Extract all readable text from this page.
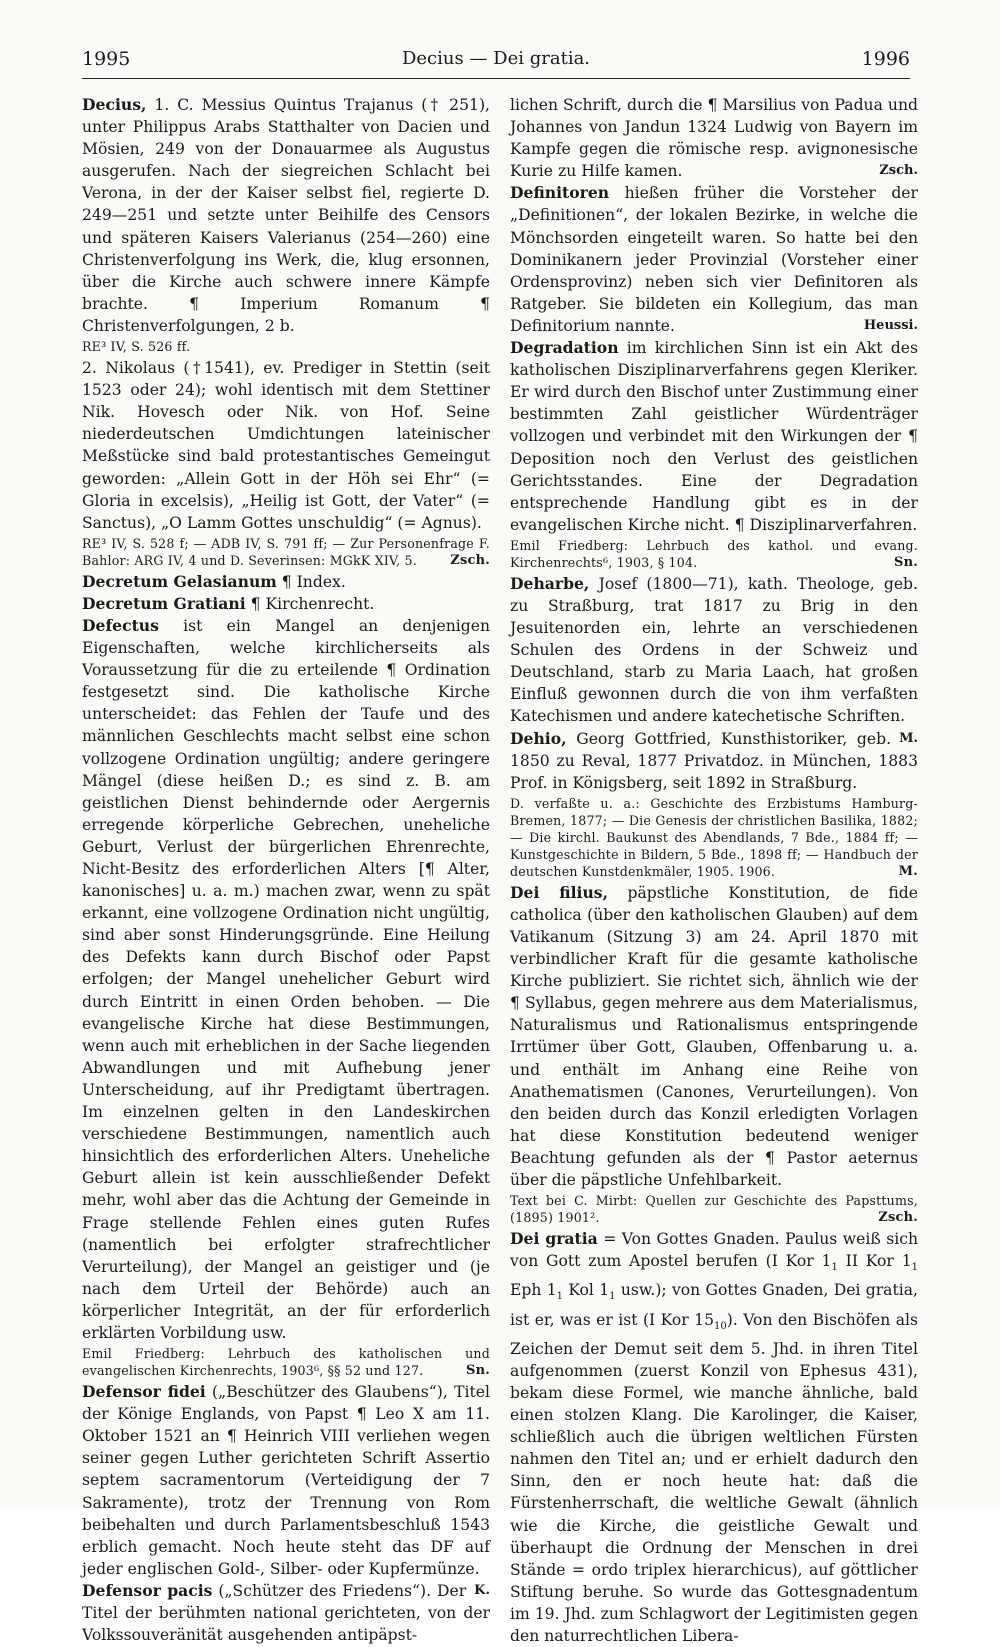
1995	Decius — Dei gratia.	1996

Decius, 1. C. Messius Quintus Trajanus († 251), unter Philippus Arabs Statthalter von Dacien und Mösien, 249 von der Donauarmee als Augustus ausgerufen. Nach der siegreichen Schlacht bei Verona, in der der Kaiser selbst fiel, regierte D. 249—251 und setzte unter Beihilfe des Censors und späteren Kaisers Valerianus (254—260) eine Christenverfolgung ins Werk, die, klug ersonnen, über die Kirche auch schwere innere Kämpfe brachte. ¶ Imperium Romanum ¶ Christenverfolgungen, 2 b.

RE³ IV, S. 526 ff.

2. Nikolaus (†1541), ev. Prediger in Stettin (seit 1523 oder 24); wohl identisch mit dem Stettiner Nik. Hovesch oder Nik. von Hof. Seine niederdeutschen Umdichtungen lateinischer Meßstücke sind bald protestantisches Gemeingut geworden: „Allein Gott in der Höh sei Ehr“ (= Gloria in excelsis), „Heilig ist Gott, der Vater“ (= Sanctus), „O Lamm Gottes unschuldig“ (= Agnus).

RE³ IV, S. 528 f; — ADB IV, S. 791 ff; — Zur Personenfrage F. Bahlor: ARG IV, 4 und D. Severinsen: MGkK XIV, 5.	Zsch.

Decretum Gelasianum ¶ Index.

Decretum Gratiani ¶ Kirchenrecht.

Defectus ist ein Mangel an denjenigen Eigenschaften, welche kirchlicherseits als Voraussetzung für die zu erteilende ¶ Ordination festgesetzt sind. Die katholische Kirche unterscheidet: das Fehlen der Taufe und des männlichen Geschlechts macht selbst eine schon vollzogene Ordination ungültig; andere geringere Mängel (diese heißen D.; es sind z. B. am geistlichen Dienst behindernde oder Aergernis erregende körperliche Gebrechen, uneheliche Geburt, Verlust der bürgerlichen Ehrenrechte, Nicht-Besitz des erforderlichen Alters [¶ Alter, kanonisches] u. a. m.) machen zwar, wenn zu spät erkannt, eine vollzogene Ordination nicht ungültig, sind aber sonst Hinderungsgründe. Eine Heilung des Defekts kann durch Bischof oder Papst erfolgen; der Mangel unehelicher Geburt wird durch Eintritt in einen Orden behoben. — Die evangelische Kirche hat diese Bestimmungen, wenn auch mit erheblichen in der Sache liegenden Abwandlungen und mit Aufhebung jener Unterscheidung, auf ihr Predigtamt übertragen. Im einzelnen gelten in den Landeskirchen verschiedene Bestimmungen, namentlich auch hinsichtlich des erforderlichen Alters. Uneheliche Geburt allein ist kein ausschließender Defekt mehr, wohl aber das die Achtung der Gemeinde in Frage stellende Fehlen eines guten Rufes (namentlich bei erfolgter strafrechtlicher Verurteilung), der Mangel an geistiger und (je nach dem Urteil der Behörde) auch an körperlicher Integrität, an der für erforderlich erklärten Vorbildung usw.

Emil Friedberg: Lehrbuch des katholischen und evangelischen Kirchenrechts, 1903⁶, §§ 52 und 127.	Sn.

Defensor fidei („Beschützer des Glaubens“), Titel der Könige Englands, von Papst ¶ Leo X am 11. Oktober 1521 an ¶ Heinrich VIII verliehen wegen seiner gegen Luther gerichteten Schrift Assertio septem sacramentorum (Verteidigung der 7 Sakramente), trotz der Trennung von Rom beibehalten und durch Parlamentsbeschluß 1543 erblich gemacht. Noch heute steht das DF auf jeder englischen Gold-, Silber- oder Kupfermünze.
K.

Defensor pacis („Schützer des Friedens“). Der Titel der berühmten national gerichteten, von der Volkssouveränität ausgehenden antipäpst-

lichen Schrift, durch die ¶ Marsilius von Padua und Johannes von Jandun 1324 Ludwig von Bayern im Kampfe gegen die römische resp. avignonesische Kurie zu Hilfe kamen.	Zsch.

Definitoren hießen früher die Vorsteher der „Definitionen“, der lokalen Bezirke, in welche die Mönchsorden eingeteilt waren. So hatte bei den Dominikanern jeder Provinzial (Vorsteher einer Ordensprovinz) neben sich vier Definitoren als Ratgeber. Sie bildeten ein Kollegium, das man Definitorium nannte.	Heussi.

Degradation im kirchlichen Sinn ist ein Akt des katholischen Disziplinarverfahrens gegen Kleriker. Er wird durch den Bischof unter Zustimmung einer bestimmten Zahl geistlicher Würdenträger vollzogen und verbindet mit den Wirkungen der ¶ Deposition noch den Verlust des geistlichen Gerichtsstandes. Eine der Degradation entsprechende Handlung gibt es in der evangelischen Kirche nicht. ¶ Disziplinarverfahren.

Emil Friedberg: Lehrbuch des kathol. und evang. Kirchenrechts⁶, 1903, § 104.	Sn.

Deharbe, Josef (1800—71), kath. Theologe, geb. zu Straßburg, trat 1817 zu Brig in den Jesuitenorden ein, lehrte an verschiedenen Schulen des Ordens in der Schweiz und Deutschland, starb zu Maria Laach, hat großen Einfluß gewonnen durch die von ihm verfaßten Katechismen und andere katechetische Schriften.
M.

Dehio, Georg Gottfried, Kunsthistoriker, geb. 1850 zu Reval, 1877 Privatdoz. in München, 1883 Prof. in Königsberg, seit 1892 in Straßburg.

D. verfaßte u. a.: Geschichte des Erzbistums Hamburg-Bremen, 1877; — Die Genesis der christlichen Basilika, 1882; — Die kirchl. Baukunst des Abendlands, 7 Bde., 1884 ff; — Kunstgeschichte in Bildern, 5 Bde., 1898 ff; — Handbuch der deutschen Kunstdenkmäler, 1905. 1906.	M.

Dei filius, päpstliche Konstitution, de fide catholica (über den katholischen Glauben) auf dem Vatikanum (Sitzung 3) am 24. April 1870 mit verbindlicher Kraft für die gesamte katholische Kirche publiziert. Sie richtet sich, ähnlich wie der ¶ Syllabus, gegen mehrere aus dem Materialismus, Naturalismus und Rationalismus entspringende Irrtümer über Gott, Glauben, Offenbarung u. a. und enthält im Anhang eine Reihe von Anathematismen (Canones, Verurteilungen). Von den beiden durch das Konzil erledigten Vorlagen hat diese Konstitution bedeutend weniger Beachtung gefunden als der ¶ Pastor aeternus über die päpstliche Unfehlbarkeit.

Text bei C. Mirbt: Quellen zur Geschichte des Papsttums, (1895) 1901².	Zsch.

Dei gratia = Von Gottes Gnaden. Paulus weiß sich von Gott zum Apostel berufen (I Kor $1_1$ II Kor $1_1$ Eph $1_1$ Kol $1_1$ usw.); von Gottes Gnaden, Dei gratia, ist er, was er ist (I Kor $15_{10}$). Von den Bischöfen als Zeichen der Demut seit dem 5. Jhd. in ihren Titel aufgenommen (zuerst Konzil von Ephesus 431), bekam diese Formel, wie manche ähnliche, bald einen stolzen Klang. Die Karolinger, die Kaiser, schließlich auch die übrigen weltlichen Fürsten nahmen den Titel an; und er erhielt dadurch den Sinn, den er noch heute hat: daß die Fürstenherrschaft, die weltliche Gewalt (ähnlich wie die Kirche, die geistliche Gewalt und überhaupt die Ordnung der Menschen in drei Stände = ordo triplex hierarchicus), auf göttlicher Stiftung beruhe. So wurde das Gottesgnadentum im 19. Jhd. zum Schlagwort der Legitimisten gegen den naturrechtlichen Libera-
